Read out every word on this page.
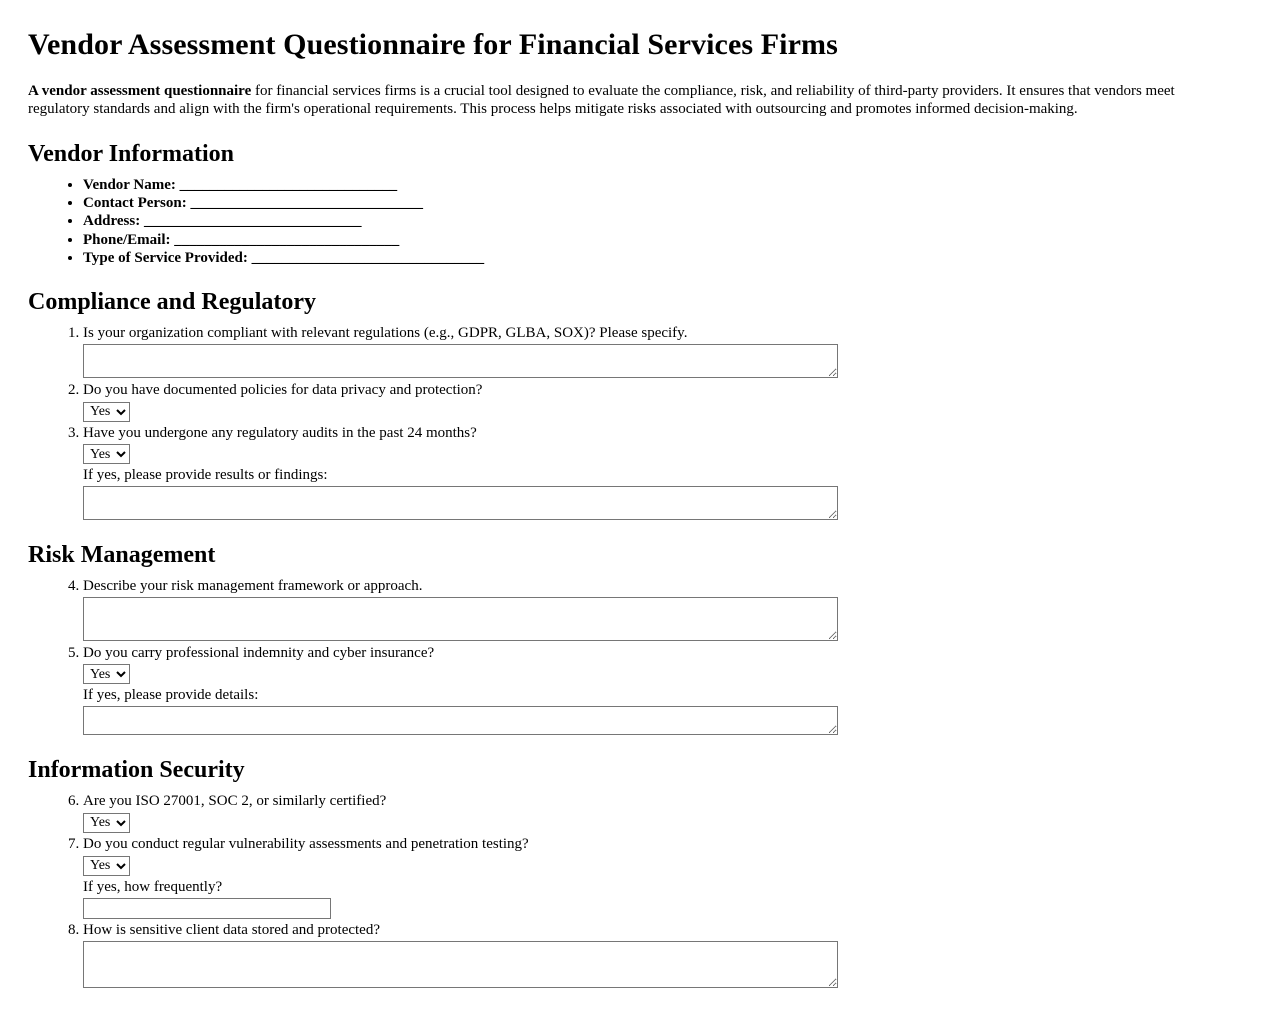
Vendor Assessment Questionnaire for Financial Services Firms

A vendor assessment questionnaire for financial services firms is a crucial tool designed to evaluate the compliance, risk, and reliability of third-party providers. It ensures that vendors meet regulatory standards and align with the firm's operational requirements. This process helps mitigate risks associated with outsourcing and promotes informed decision-making.

Vendor Information
• Vendor Name: _____________________________
• Contact Person: _______________________________
• Address: _____________________________
• Phone/Email: ______________________________
• Type of Service Provided: _______________________________
Compliance and Regulatory
1. Is your organization compliant with relevant regulations (e.g., GDPR, GLBA, SOX)? Please specify.
2. Do you have documented policies for data privacy and protection?
Yes
3. Have you undergone any regulatory audits in the past 24 months?
Yes
If yes, please provide results or findings:
Risk Management
4. Describe your risk management framework or approach.
5. Do you carry professional indemnity and cyber insurance?
Yes
If yes, please provide details:
Information Security
6. Are you ISO 27001, SOC 2, or similarly certified?
Yes
7. Do you conduct regular vulnerability assessments and penetration testing?
Yes
If yes, how frequently?
8. How is sensitive client data stored and protected?
